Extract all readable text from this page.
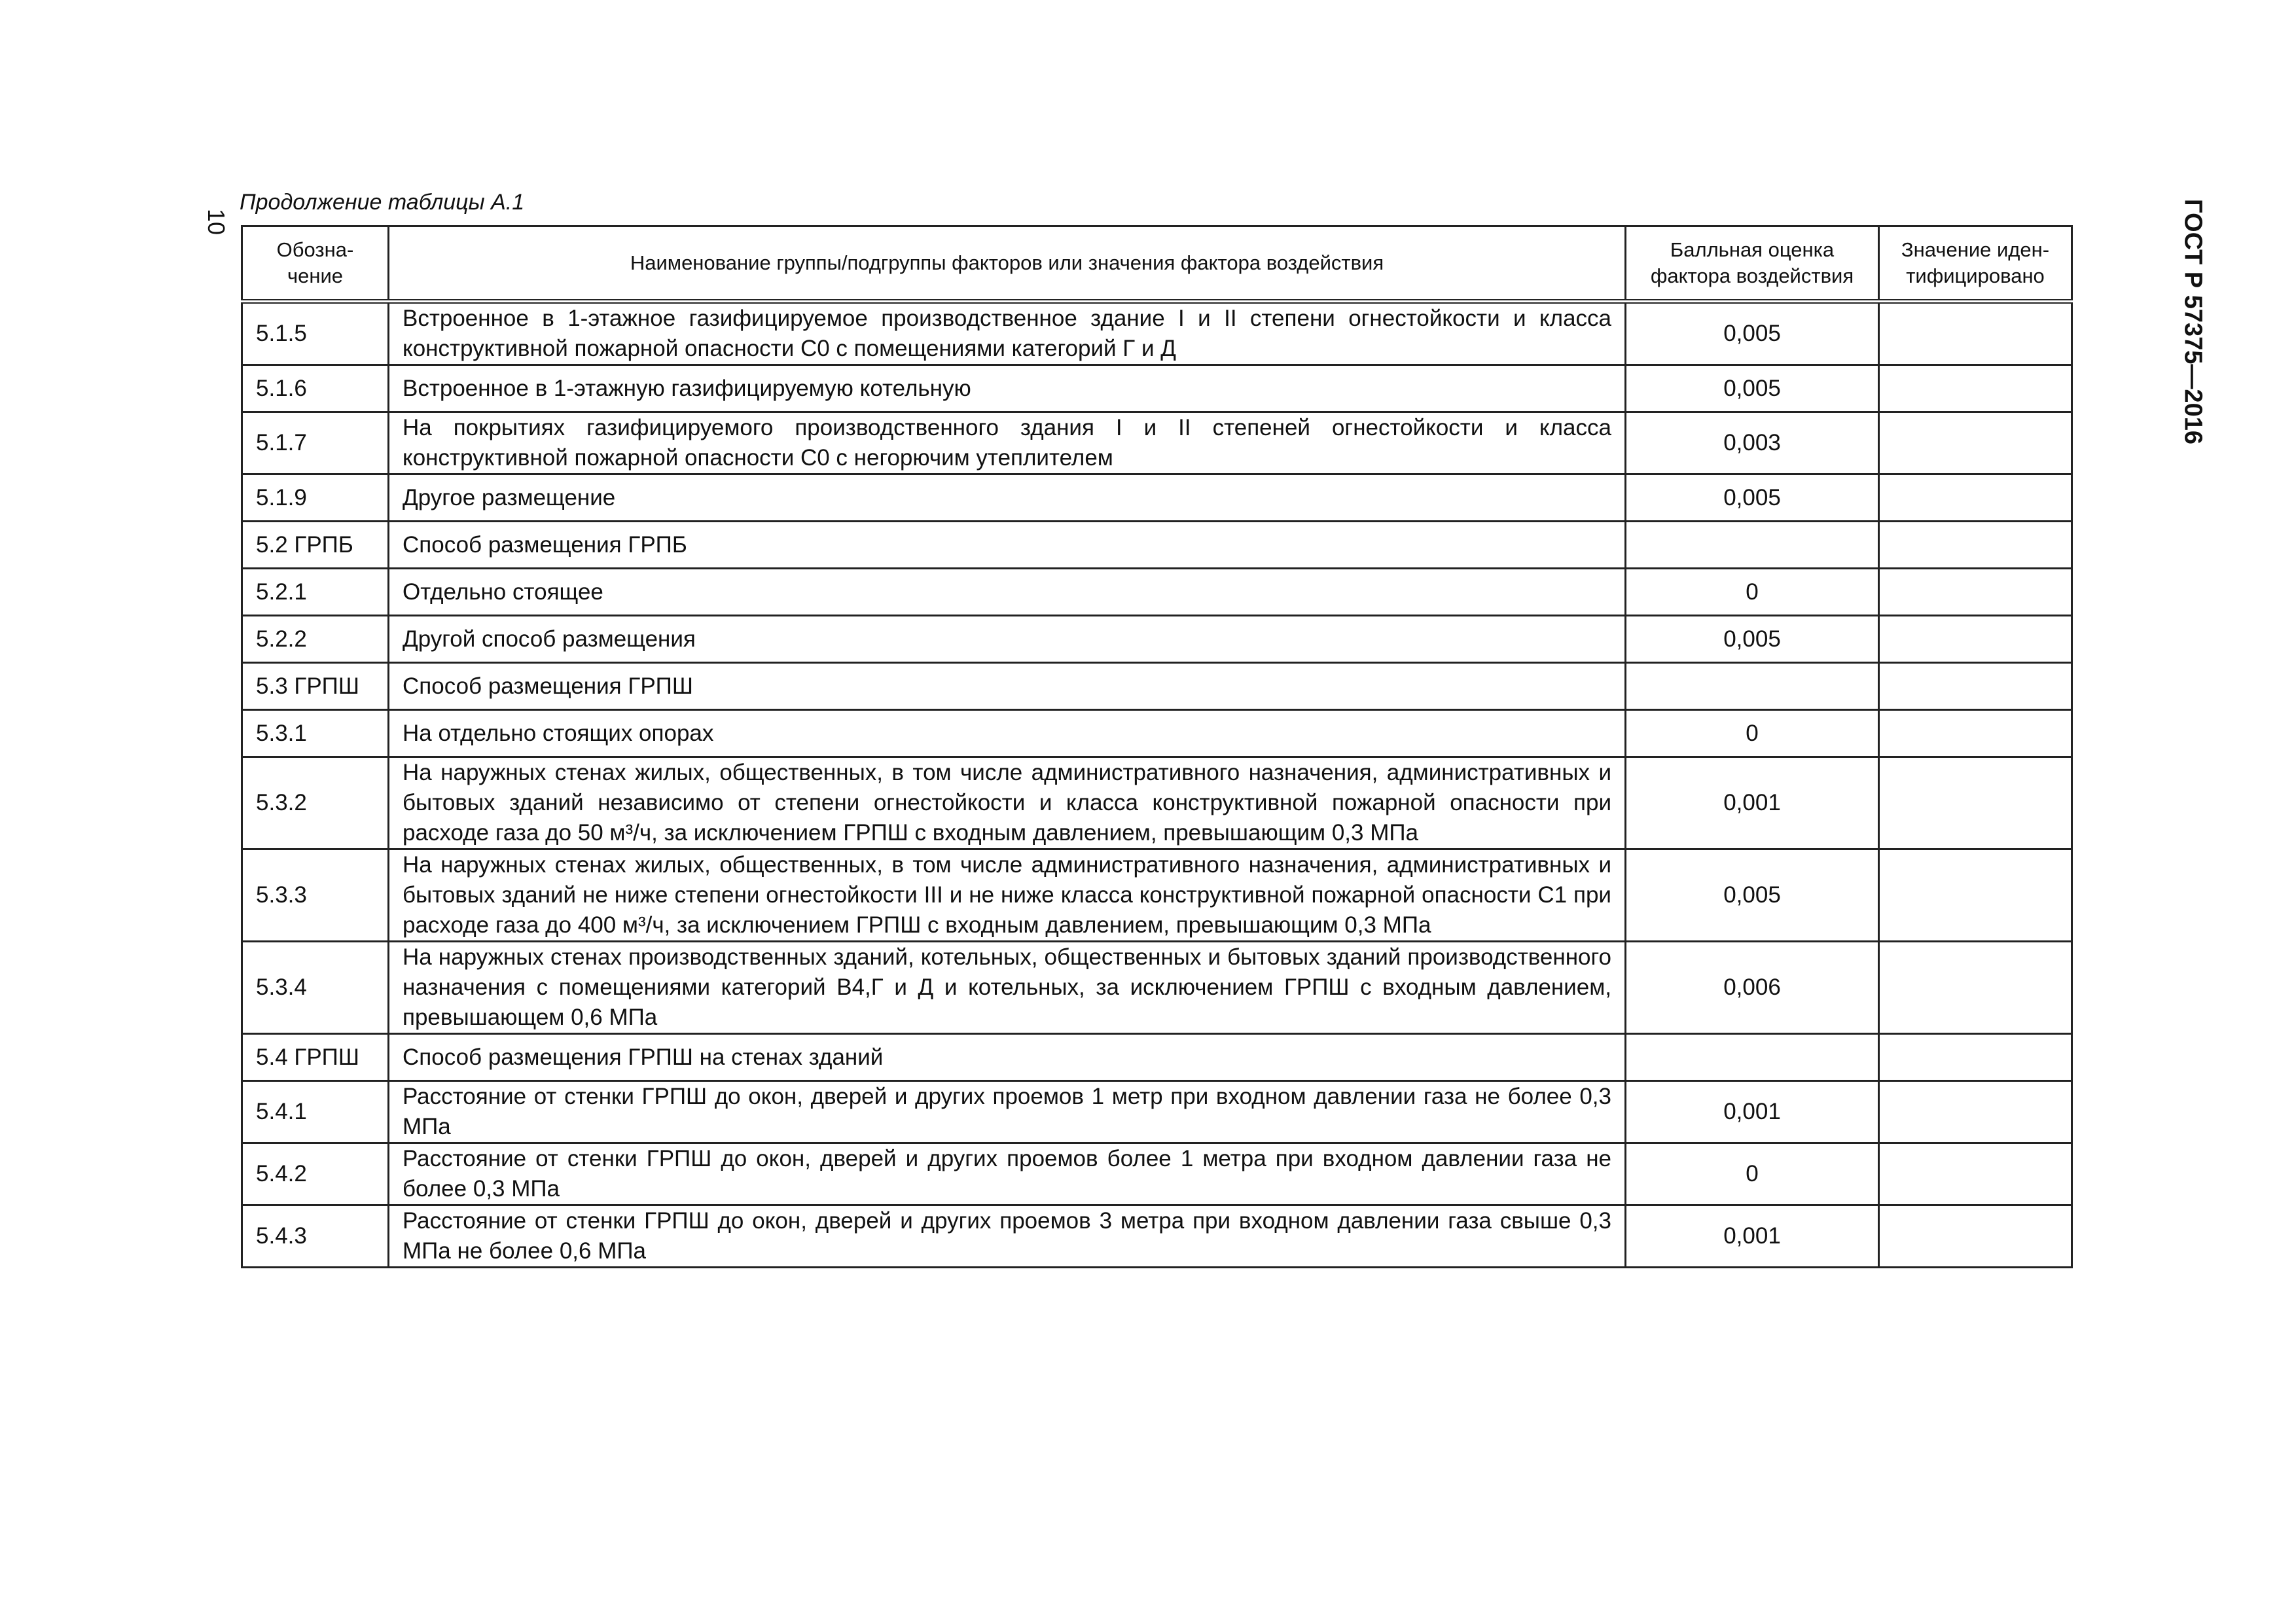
10
Продолжение таблицы А.1	ГОСТ Р 57375—2016
Обозна-чение	Наименование группы/подгруппы факторов или значения фактора воздействия	Балльная оценка фактора воздействия	Значение иден-тифицировано
5.1.5	Встроенное в 1-этажное газифицируемое производственное здание I и II степени огнестойкости и класса конструктивной пожарной опасности С0 с помещениями категорий Г и Д	0,005	
5.1.6	Встроенное в 1-этажную газифицируемую котельную	0,005	
5.1.7	На покрытиях газифицируемого производственного здания I и II степеней огнестойкости и класса конструктивной пожарной опасности С0 с негорючим утеплителем	0,003	
5.1.9	Другое размещение	0,005	
5.2 ГРПБ	Способ размещения ГРПБ		
5.2.1	Отдельно стоящее	0	
5.2.2	Другой способ размещения	0,005	
5.3 ГРПШ	Способ размещения ГРПШ		
5.3.1	На отдельно стоящих опорах	0	
5.3.2	На наружных стенах жилых, общественных, в том числе административного назначения, административных и бытовых зданий независимо от степени огнестойкости и класса конструктивной пожарной опасности при расходе газа до 50 м³/ч, за исключением ГРПШ с входным давлением, превышающим 0,3 МПа	0,001	
5.3.3	На наружных стенах жилых, общественных, в том числе административного назначения, административных и бытовых зданий не ниже степени огнестойкости III и не ниже класса конструктивной пожарной опасности С1 при расходе газа до 400 м³/ч, за исключением ГРПШ с входным давлением, превышающим 0,3 МПа	0,005	
5.3.4	На наружных стенах производственных зданий, котельных, общественных и бытовых зданий производственного назначения с помещениями категорий В4,Г и Д и котельных, за исключением ГРПШ с входным давлением, превышающем 0,6 МПа	0,006	
5.4 ГРПШ	Способ размещения ГРПШ на стенах зданий		
5.4.1	Расстояние от стенки ГРПШ до окон, дверей и других проемов 1 метр при входном давлении газа не более 0,3 МПа	0,001	
5.4.2	Расстояние от стенки ГРПШ до окон, дверей и других проемов более 1 метра при входном давлении газа не более 0,3 МПа	0	
5.4.3	Расстояние от стенки ГРПШ до окон, дверей и других проемов 3 метра при входном давлении газа свыше 0,3 МПа не более 0,6 МПа	0,001	
